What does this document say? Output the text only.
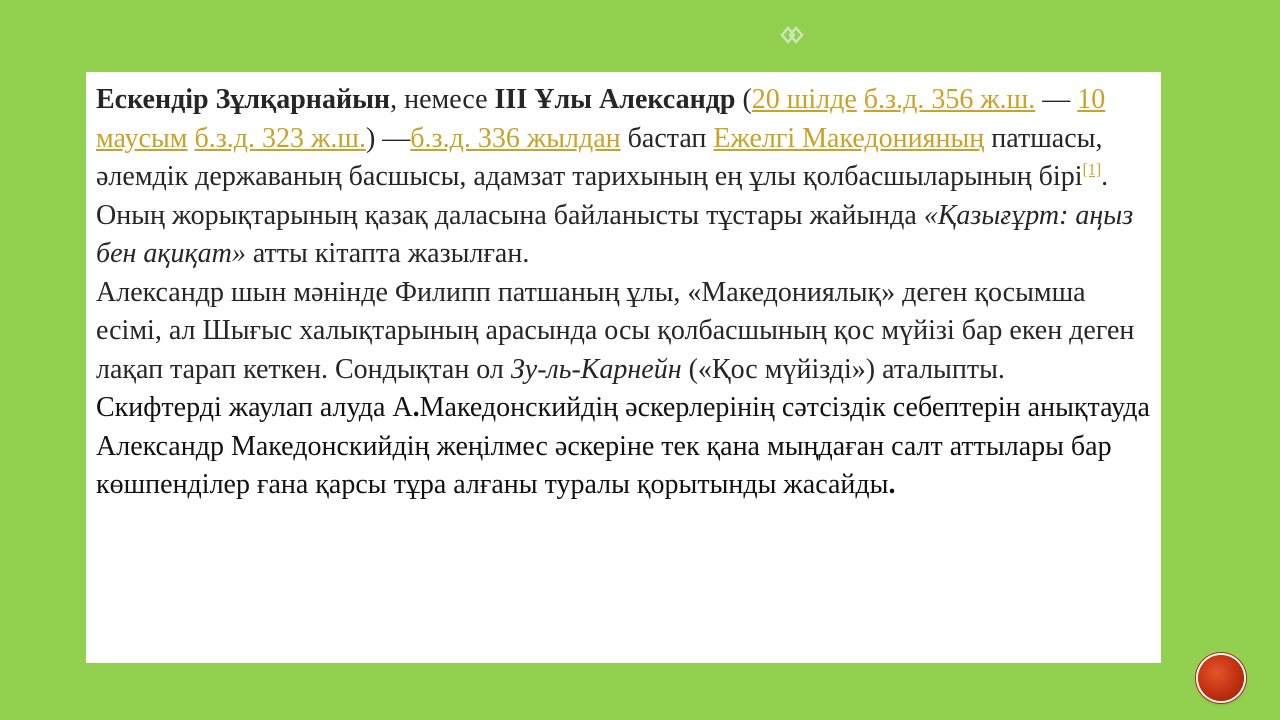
Ескендір Зұлқарнайын, немесе III Ұлы Александр (20 шілде б.з.д. 356 ж.ш. — 10 маусым б.з.д. 323 ж.ш.) —б.з.д. 336 жылдан бастап Ежелгі Македонияның патшасы, әлемдік державаның басшысы, адамзат тарихының ең ұлы қолбасшыларының бірі[1].

Оның жорықтарының қазақ даласына байланысты тұстары жайында «Қазығұрт: аңыз бен ақиқат» атты кітапта жазылған.

Александр шын мәнінде Филипп патшаның ұлы, «Македониялық» деген қосымша есімі, ал Шығыс халықтарының арасында осы қолбасшының қос мүйізі бар екен деген лақап тарап кеткен. Сондықтан ол Зу-ль-Карнейн («Қос мүйізді») аталыпты.

Скифтерді жаулап алуда А.Македонскийдің әскерлерінің сәтсіздік себептерін анықтауда Александр Македонскийдің жеңілмес әскеріне тек қана мыңдаған салт аттылары бар көшпенділер ғана қарсы тұра алғаны туралы қорытынды жасайды.
